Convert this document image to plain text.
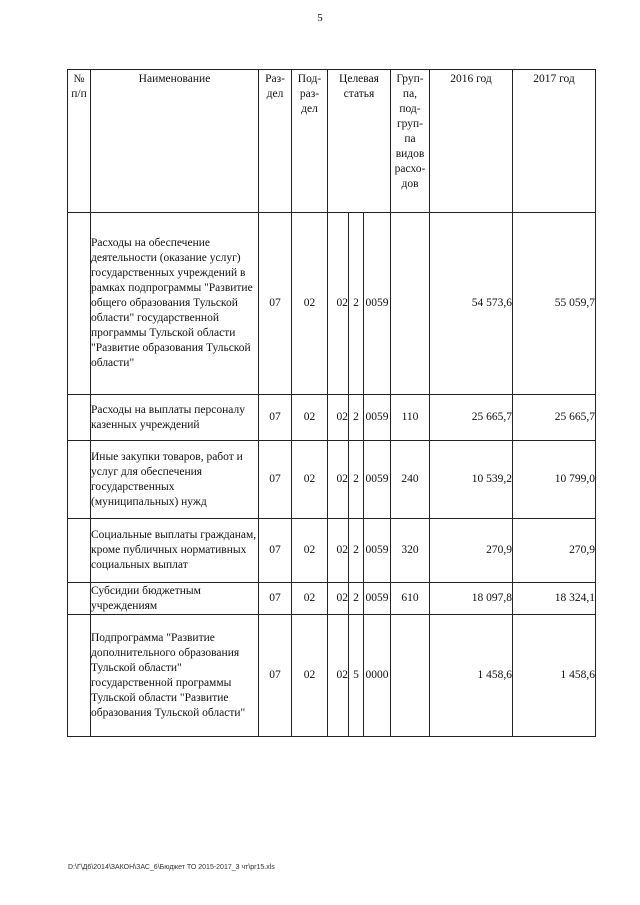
5
№ п/п	Наименование	Раз- дел	Под- раз- дел	Целевая статья			Груп- па, под- груп- па видов расхо- дов	2016 год	2017 год
	Расходы на обеспечение деятельности (оказание услуг) государственных учреждений в рамках подпрограммы "Развитие общего образования Тульской области" государственной программы Тульской области "Развитие образования Тульской области"	07	02	02	2	0059		54 573,6	55 059,7
	Расходы на выплаты персоналу казенных учреждений	07	02	02	2	0059	110	25 665,7	25 665,7
	Иные закупки товаров, работ и услуг для обеспечения государственных (муниципальных) нужд	07	02	02	2	0059	240	10 539,2	10 799,0
	Социальные выплаты гражданам, кроме публичных нормативных социальных выплат	07	02	02	2	0059	320	270,9	270,9
	Субсидии бюджетным учреждениям	07	02	02	2	0059	610	18 097,8	18 324,1
	Подпрограмма "Развитие дополнительного образования Тульской области" государственной программы Тульской области "Развитие образования Тульской области"	07	02	02	5	0000		1 458,6	1 458,6
D:\Г\Д6\2014\ЗАКОН\ЗАС_6\Бюджет ТО 2015-2017_3 чт\pr15.xls
